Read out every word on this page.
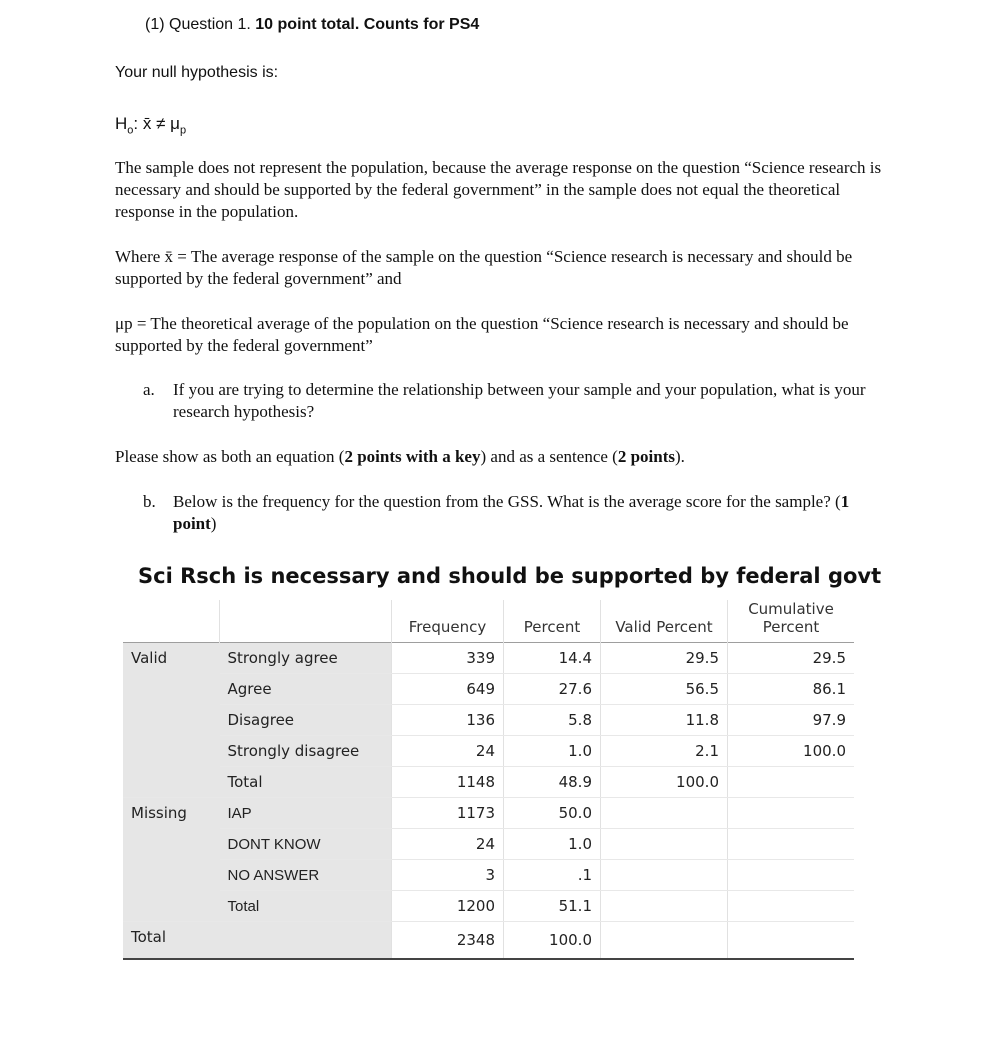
(1) Question 1. 10 point total. Counts for PS4
Your null hypothesis is:
$H_o$: x̄ ≠ $\mu_p$
The sample does not represent the population, because the average response on the question “Science research is necessary and should be supported by the federal government” in the sample does not equal the theoretical response in the population.
Where x̄ = The average response of the sample on the question “Science research is necessary and should be supported by the federal government” and
μp = The theoretical average of the population on the question “Science research is necessary and should be supported by the federal government”
a. If you are trying to determine the relationship between your sample and your population, what is your research hypothesis?
Please show as both an equation (2 points with a key) and as a sentence (2 points).
b. Below is the frequency for the question from the GSS. What is the average score for the sample? (1 point)
Sci Rsch is necessary and should be supported by federal govt
		Frequency	Percent	Valid Percent	Cumulative Percent
Valid	Strongly agree	339	14.4	29.5	29.5
	Agree	649	27.6	56.5	86.1
	Disagree	136	5.8	11.8	97.9
	Strongly disagree	24	1.0	2.1	100.0
	Total	1148	48.9	100.0	
Missing	IAP	1173	50.0		
	DONT KNOW	24	1.0		
	NO ANSWER	3	.1		
	Total	1200	51.1		
Total		2348	100.0		
